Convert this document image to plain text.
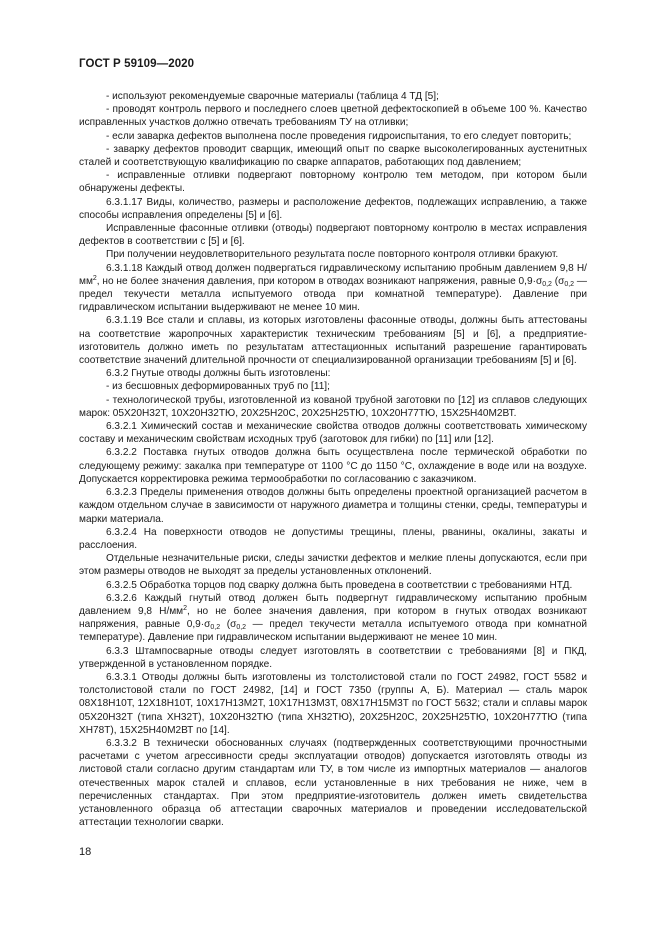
ГОСТ Р 59109—2020

- используют рекомендуемые сварочные материалы (таблица 4 ТД [5];

- проводят контроль первого и последнего слоев цветной дефектоскопией в объеме 100 %. Качество исправленных участков должно отвечать требованиям ТУ на отливки;

- если заварка дефектов выполнена после проведения гидроиспытания, то его следует повторить;

- заварку дефектов проводит сварщик, имеющий опыт по сварке высоколегированных аустенитных сталей и соответствующую квалификацию по сварке аппаратов, работающих под давлением;

- исправленные отливки подвергают повторному контролю тем методом, при котором были обнаружены дефекты.

6.3.1.17 Виды, количество, размеры и расположение дефектов, подлежащих исправлению, а также способы исправления определены [5] и [6].

Исправленные фасонные отливки (отводы) подвергают повторному контролю в местах исправления дефектов в соответствии с [5] и [6].

При получении неудовлетворительного результата после повторного контроля отливки бракуют.

6.3.1.18 Каждый отвод должен подвергаться гидравлическому испытанию пробным давлением 9,8 $Н/мм^2$, но не более значения давления, при котором в отводах возникают напряжения, равные $0,9\cdot\sigma_{0,2}$ ($\sigma_{0,2}$ — предел текучести металла испытуемого отвода при комнатной температуре). Давление при гидравлическом испытании выдерживают не менее 10 мин.

6.3.1.19 Все стали и сплавы, из которых изготовлены фасонные отводы, должны быть аттестованы на соответствие жаропрочных характеристик техническим требованиям [5] и [6], а предприятие-изготовитель должно иметь по результатам аттестационных испытаний разрешение гарантировать соответствие значений длительной прочности от специализированной организации требованиям [5] и [6].

6.3.2 Гнутые отводы должны быть изготовлены:

- из бесшовных деформированных труб по [11];

- технологической трубы, изготовленной из кованой трубной заготовки по [12] из сплавов следующих марок: 05Х20Н32Т, 10Х20Н32ТЮ, 20Х25Н20С, 20Х25Н25ТЮ, 10Х20Н77ТЮ, 15Х25Н40М2ВТ.

6.3.2.1 Химический состав и механические свойства отводов должны соответствовать химическому составу и механическим свойствам исходных труб (заготовок для гибки) по [11] или [12].

6.3.2.2 Поставка гнутых отводов должна быть осуществлена после термической обработки по следующему режиму: закалка при температуре от 1100 °С до 1150 °С, охлаждение в воде или на воздухе. Допускается корректировка режима термообработки по согласованию с заказчиком.

6.3.2.3 Пределы применения отводов должны быть определены проектной организацией расчетом в каждом отдельном случае в зависимости от наружного диаметра и толщины стенки, среды, температуры и марки материала.

6.3.2.4 На поверхности отводов не допустимы трещины, плены, рванины, окалины, закаты и расслоения.

Отдельные незначительные риски, следы зачистки дефектов и мелкие плены допускаются, если при этом размеры отводов не выходят за пределы установленных отклонений.

6.3.2.5 Обработка торцов под сварку должна быть проведена в соответствии с требованиями НТД.

6.3.2.6 Каждый гнутый отвод должен быть подвергнут гидравлическому испытанию пробным давлением 9,8 $Н/мм^2$, но не более значения давления, при котором в гнутых отводах возникают напряжения, равные $0,9\cdot\sigma_{0,2}$ ($\sigma_{0,2}$ — предел текучести металла испытуемого отвода при комнатной температуре). Давление при гидравлическом испытании выдерживают не менее 10 мин.

6.3.3 Штампосварные отводы следует изготовлять в соответствии с требованиями [8] и ПКД, утвержденной в установленном порядке.

6.3.3.1 Отводы должны быть изготовлены из толстолистовой стали по ГОСТ 24982, ГОСТ 5582 и толстолистовой стали по ГОСТ 24982, [14] и ГОСТ 7350 (группы А, Б). Материал — сталь марок 08Х18Н10Т, 12Х18Н10Т, 10Х17Н13М2Т, 10Х17Н13М3Т, 08Х17Н15М3Т по ГОСТ 5632; стали и сплавы марок 05Х20Н32Т (типа ХН32Т), 10Х20Н32ТЮ (типа ХН32ТЮ), 20Х25Н20С, 20Х25Н25ТЮ, 10Х20Н77ТЮ (типа ХН78Т), 15Х25Н40М2ВТ по [14].

6.3.3.2 В технически обоснованных случаях (подтвержденных соответствующими прочностными расчетами с учетом агрессивности среды эксплуатации отводов) допускается изготовлять отводы из листовой стали согласно другим стандартам или ТУ, в том числе из импортных материалов — аналогов отечественных марок сталей и сплавов, если установленные в них требования не ниже, чем в перечисленных стандартах. При этом предприятие-изготовитель должен иметь свидетельства установленного образца об аттестации сварочных материалов и проведении исследовательской аттестации технологии сварки.

18
